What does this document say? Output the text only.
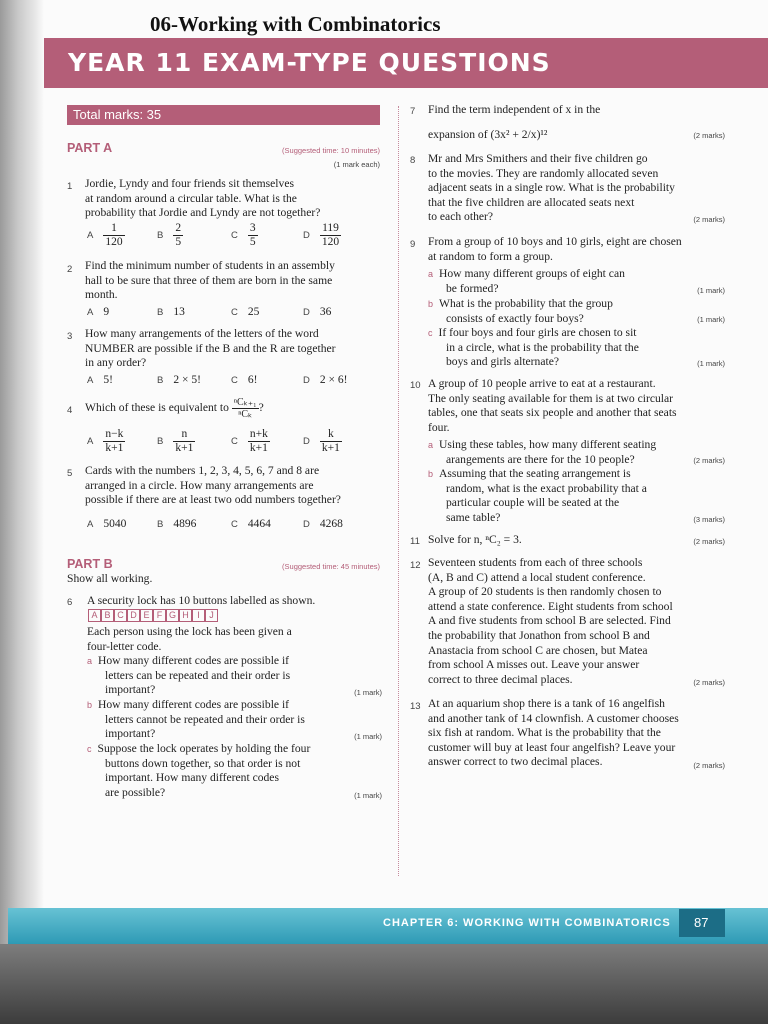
06-Working with Combinatorics
YEAR 11 EXAM-TYPE QUESTIONS
Total marks: 35
PART A	(Suggested time: 10 minutes)
(1 mark each)
1 Jordie, Lyndy and four friends sit themselves
at random around a circular table. What is the
probability that Jordie and Lyndy are not together?
A $\frac{1}{120}$	B $\frac{2}{5}$	C $\frac{3}{5}$	D $\frac{119}{120}$
2 Find the minimum number of students in an assembly
hall to be sure that three of them are born in the same
month.
A 9	B 13	C 25	D 36
3 How many arrangements of the letters of the word
NUMBER are possible if the B and the R are together
in any order?
A 5!	B 2 × 5!	C 6!	D 2 × 6!
4 Which of these is equivalent to $\frac{\text{ⁿCₖ₊₁}}{\text{ⁿCₖ}}$ ?
A $\frac{n-k}{k+1}$	B $\frac{n}{k+1}$	C $\frac{n+k}{k+1}$	D $\frac{k}{k+1}$
5 Cards with the numbers 1, 2, 3, 4, 5, 6, 7 and 8 are
arranged in a circle. How many arrangements are
possible if there are at least two odd numbers together?
A 5040	B 4896	C 4464	D 4268
PART B	(Suggested time: 45 minutes)
Show all working.
6 A security lock has 10 buttons labelled as shown.
A B C D E F G H I	J
Each person using the lock has been given a
four-letter code.
a How many different codes are possible if
letters can be repeated and their order is
important?	(1 mark)
b How many different codes are possible if
letters cannot be repeated and their order is
important?	(1 mark)
c Suppose the lock operates by holding the four
buttons down together, so that order is not
important. How many different codes
are possible?	(1 mark)
7 Find the term independent of x in the
expansion of (3x² + 2/x)¹²	(2 marks)
8 Mr and Mrs Smithers and their five children go
to the movies. They are randomly allocated seven
adjacent seats in a single row. What is the probability
that the five children are allocated seats next
to each other?	(2 marks)
9 From a group of 10 boys and 10 girls, eight are chosen
at random to form a group.
a How many different groups of eight can
be formed?	(1 mark)
b What is the probability that the group
consists of exactly four boys?	(1 mark)
c If four boys and four girls are chosen to sit
in a circle, what is the probability that the
boys and girls alternate?	(1 mark)
10 A group of 10 people arrive to eat at a restaurant.
The only seating available for them is at two circular
tables, one that seats six people and another that seats
four.
a Using these tables, how many different seating
arangements are there for the 10 people?	(2 marks)
b Assuming that the seating arrangement is
random, what is the exact probability that a
particular couple will be seated at the
same table?	(3 marks)
11 Solve for n, ⁿC₂ = 3.	(2 marks)
12 Seventeen students from each of three schools
(A, B and C) attend a local student conference.
A group of 20 students is then randomly chosen to
attend a state conference. Eight students from school
A and five students from school B are selected. Find
the probability that Jonathon from school B and
Anastacia from school C are chosen, but Matea
from school A misses out. Leave your answer
correct to three decimal places.	(2 marks)
13 At an aquarium shop there is a tank of 16 angelfish
and another tank of 14 clownfish. A customer chooses
six fish at random. What is the probability that the
customer will buy at least four angelfish? Leave your
answer correct to two decimal places.	(2 marks)
CHAPTER 6: WORKING WITH COMBINATORICS 87
